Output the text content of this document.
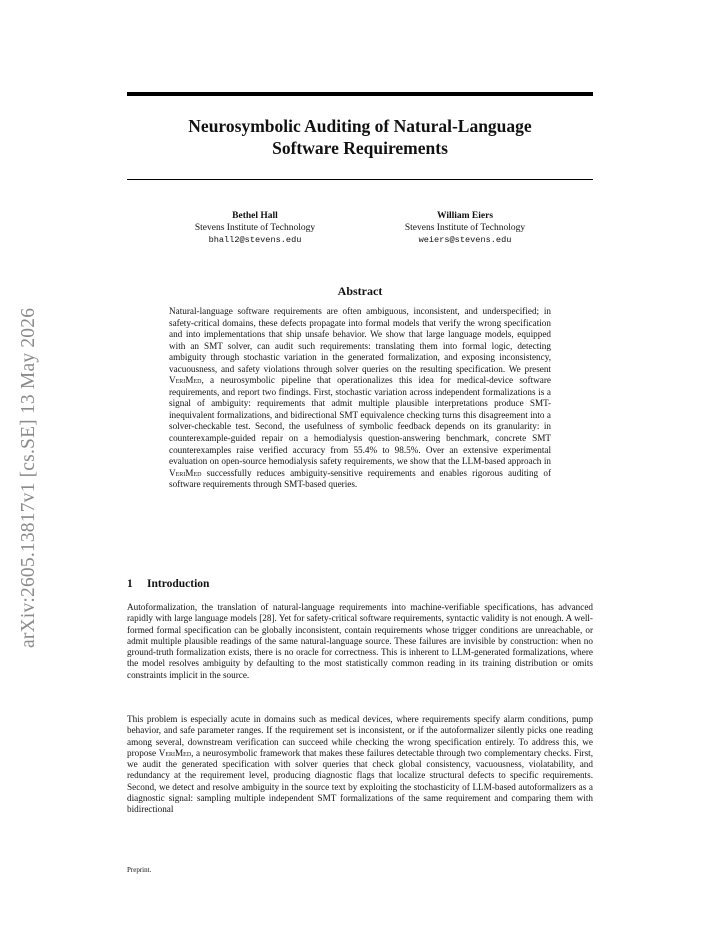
arXiv:2605.13817v1 [cs.SE] 13 May 2026
Neurosymbolic Auditing of Natural-Language
Software Requirements
Bethel Hall
Stevens Institute of Technology
bhall2@stevens.edu
William Eiers
Stevens Institute of Technology
weiers@stevens.edu
Abstract

Natural-language software requirements are often ambiguous, inconsistent, and underspecified; in safety-critical domains, these defects propagate into formal models that verify the wrong specification and into implementations that ship unsafe behavior. We show that large language models, equipped with an SMT solver, can audit such requirements: translating them into formal logic, detecting ambiguity through stochastic variation in the generated formalization, and exposing inconsistency, vacuousness, and safety violations through solver queries on the resulting specification. We present VeriMed, a neurosymbolic pipeline that operationalizes this idea for medical-device software requirements, and report two findings. First, stochastic variation across independent formalizations is a signal of ambiguity: requirements that admit multiple plausible interpretations produce SMT-inequivalent formalizations, and bidirectional SMT equivalence checking turns this disagreement into a solver-checkable test. Second, the usefulness of symbolic feedback depends on its granularity: in counterexample-guided repair on a hemodialysis question-answering benchmark, concrete SMT counterexamples raise verified accuracy from 55.4% to 98.5%. Over an extensive experimental evaluation on open-source hemodialysis safety requirements, we show that the LLM-based approach in VeriMed successfully reduces ambiguity-sensitive requirements and enables rigorous auditing of software requirements through SMT-based queries.

1 Introduction

Autoformalization, the translation of natural-language requirements into machine-verifiable specifications, has advanced rapidly with large language models [28]. Yet for safety-critical software requirements, syntactic validity is not enough. A well-formed formal specification can be globally inconsistent, contain requirements whose trigger conditions are unreachable, or admit multiple plausible readings of the same natural-language source. These failures are invisible by construction: when no ground-truth formalization exists, there is no oracle for correctness. This is inherent to LLM-generated formalizations, where the model resolves ambiguity by defaulting to the most statistically common reading in its training distribution or omits constraints implicit in the source.

This problem is especially acute in domains such as medical devices, where requirements specify alarm conditions, pump behavior, and safe parameter ranges. If the requirement set is inconsistent, or if the autoformalizer silently picks one reading among several, downstream verification can succeed while checking the wrong specification entirely. To address this, we propose VeriMed, a neurosymbolic framework that makes these failures detectable through two complementary checks. First, we audit the generated specification with solver queries that check global consistency, vacuousness, violatability, and redundancy at the requirement level, producing diagnostic flags that localize structural defects to specific requirements. Second, we detect and resolve ambiguity in the source text by exploiting the stochasticity of LLM-based autoformalizers as a diagnostic signal: sampling multiple independent SMT formalizations of the same requirement and comparing them with bidirectional

Preprint.
